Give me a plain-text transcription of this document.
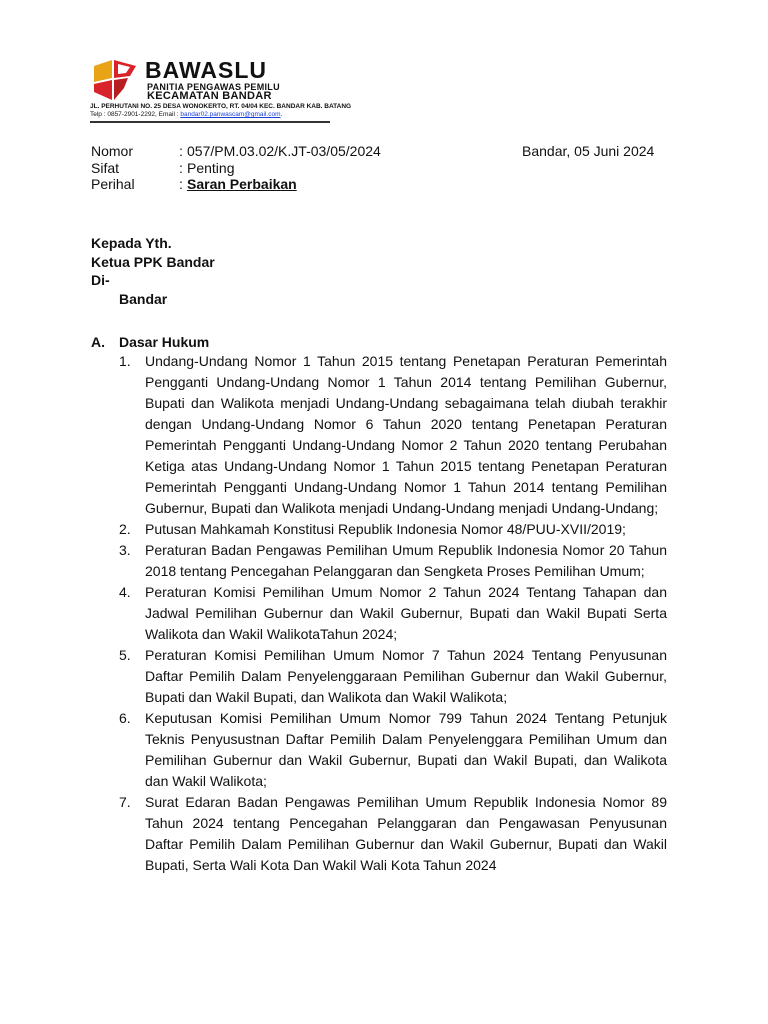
BAWASLU
PANITIA PENGAWAS PEMILU
KECAMATAN BANDAR
JL. PERHUTANI NO. 25 DESA WONOKERTO, RT. 04/04 KEC. BANDAR KAB. BATANG
Telp : 0857-2901-2292, Email : bandar02.panwascam@gmail.com.
Nomor	: 057/PM.03.02/K.JT-03/05/2024
Sifat	: Penting
Perihal	: Saran Perbaikan
Bandar, 05 Juni 2024
Kepada Yth.
Ketua PPK Bandar
Di-
Bandar
A.	Dasar Hukum
1.	Undang-Undang Nomor 1 Tahun 2015 tentang Penetapan Peraturan Pemerintah Pengganti Undang-Undang Nomor 1 Tahun 2014 tentang Pemilihan Gubernur, Bupati dan Walikota menjadi Undang-Undang sebagaimana telah diubah terakhir dengan Undang-Undang Nomor 6 Tahun 2020 tentang Penetapan Peraturan Pemerintah Pengganti Undang-Undang Nomor 2 Tahun 2020 tentang Perubahan Ketiga atas Undang-Undang Nomor 1 Tahun 2015 tentang Penetapan Peraturan Pemerintah Pengganti Undang-Undang Nomor 1 Tahun 2014 tentang Pemilihan Gubernur, Bupati dan Walikota menjadi Undang-Undang menjadi Undang-Undang;
2.	Putusan Mahkamah Konstitusi Republik Indonesia Nomor 48/PUU-XVII/2019;
3.	Peraturan Badan Pengawas Pemilihan Umum Republik Indonesia Nomor 20 Tahun 2018 tentang Pencegahan Pelanggaran dan Sengketa Proses Pemilihan Umum;
4.	Peraturan Komisi Pemilihan Umum Nomor 2 Tahun 2024 Tentang Tahapan dan Jadwal Pemilihan Gubernur dan Wakil Gubernur, Bupati dan Wakil Bupati Serta Walikota dan Wakil WalikotaTahun 2024;
5.	Peraturan Komisi Pemilihan Umum Nomor 7 Tahun 2024 Tentang Penyusunan Daftar Pemilih Dalam Penyelenggaraan Pemilihan Gubernur dan Wakil Gubernur, Bupati dan Wakil Bupati, dan Walikota dan Wakil Walikota;
6.	Keputusan Komisi Pemilihan Umum Nomor 799 Tahun 2024 Tentang Petunjuk Teknis Penyusustnan Daftar Pemilih Dalam Penyelenggara Pemilihan Umum dan Pemilihan Gubernur dan Wakil Gubernur, Bupati dan Wakil Bupati, dan Walikota dan Wakil Walikota;
7.	Surat Edaran Badan Pengawas Pemilihan Umum Republik Indonesia Nomor 89 Tahun 2024 tentang Pencegahan Pelanggaran dan Pengawasan Penyusunan Daftar Pemilih Dalam Pemilihan Gubernur dan Wakil Gubernur, Bupati dan Wakil Bupati, Serta Wali Kota Dan Wakil Wali Kota Tahun 2024
